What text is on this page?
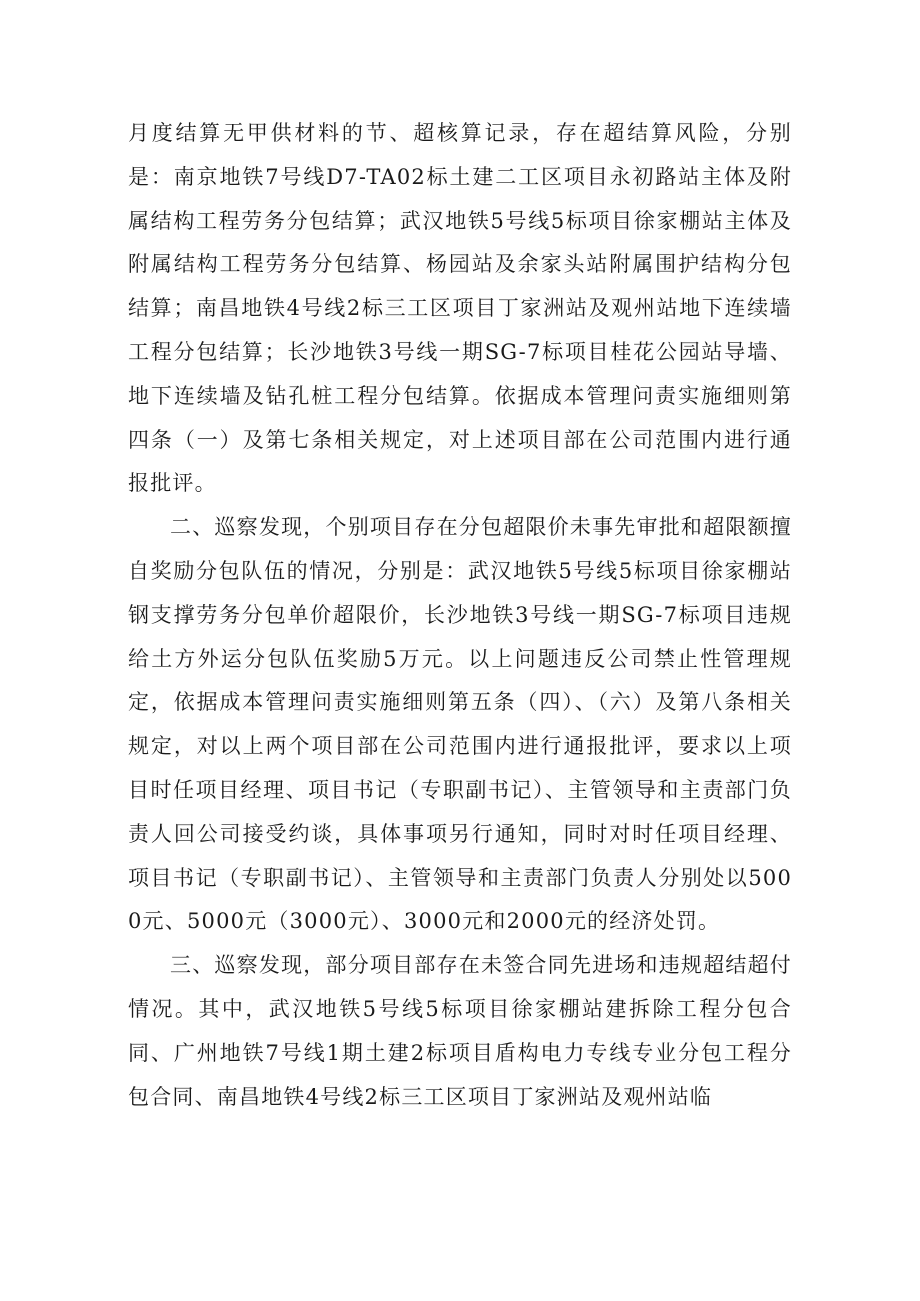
月度结算无甲供材料的节、超核算记录，存在超结算风险，分别是：南京地铁7号线D7-TA02标土建二工区项目永初路站主体及附属结构工程劳务分包结算；武汉地铁5号线5标项目徐家棚站主体及附属结构工程劳务分包结算、杨园站及余家头站附属围护结构分包结算；南昌地铁4号线2标三工区项目丁家洲站及观州站地下连续墙工程分包结算；长沙地铁3号线一期SG-7标项目桂花公园站导墙、地下连续墙及钻孔桩工程分包结算。依据成本管理问责实施细则第四条（一）及第七条相关规定，对上述项目部在公司范围内进行通报批评。

二、巡察发现，个别项目存在分包超限价未事先审批和超限额擅自奖励分包队伍的情况，分别是：武汉地铁5号线5标项目徐家棚站钢支撑劳务分包单价超限价，长沙地铁3号线一期SG-7标项目违规给土方外运分包队伍奖励5万元。以上问题违反公司禁止性管理规定，依据成本管理问责实施细则第五条（四）、（六）及第八条相关规定，对以上两个项目部在公司范围内进行通报批评，要求以上项目时任项目经理、项目书记（专职副书记）、主管领导和主责部门负责人回公司接受约谈，具体事项另行通知，同时对时任项目经理、项目书记（专职副书记）、主管领导和主责部门负责人分别处以5000元、5000元（3000元）、3000元和2000元的经济处罚。

三、巡察发现，部分项目部存在未签合同先进场和违规超结超付情况。其中，武汉地铁5号线5标项目徐家棚站建拆除工程分包合同、广州地铁7号线1期土建2标项目盾构电力专线专业分包工程分包合同、南昌地铁4号线2标三工区项目丁家洲站及观州站临
